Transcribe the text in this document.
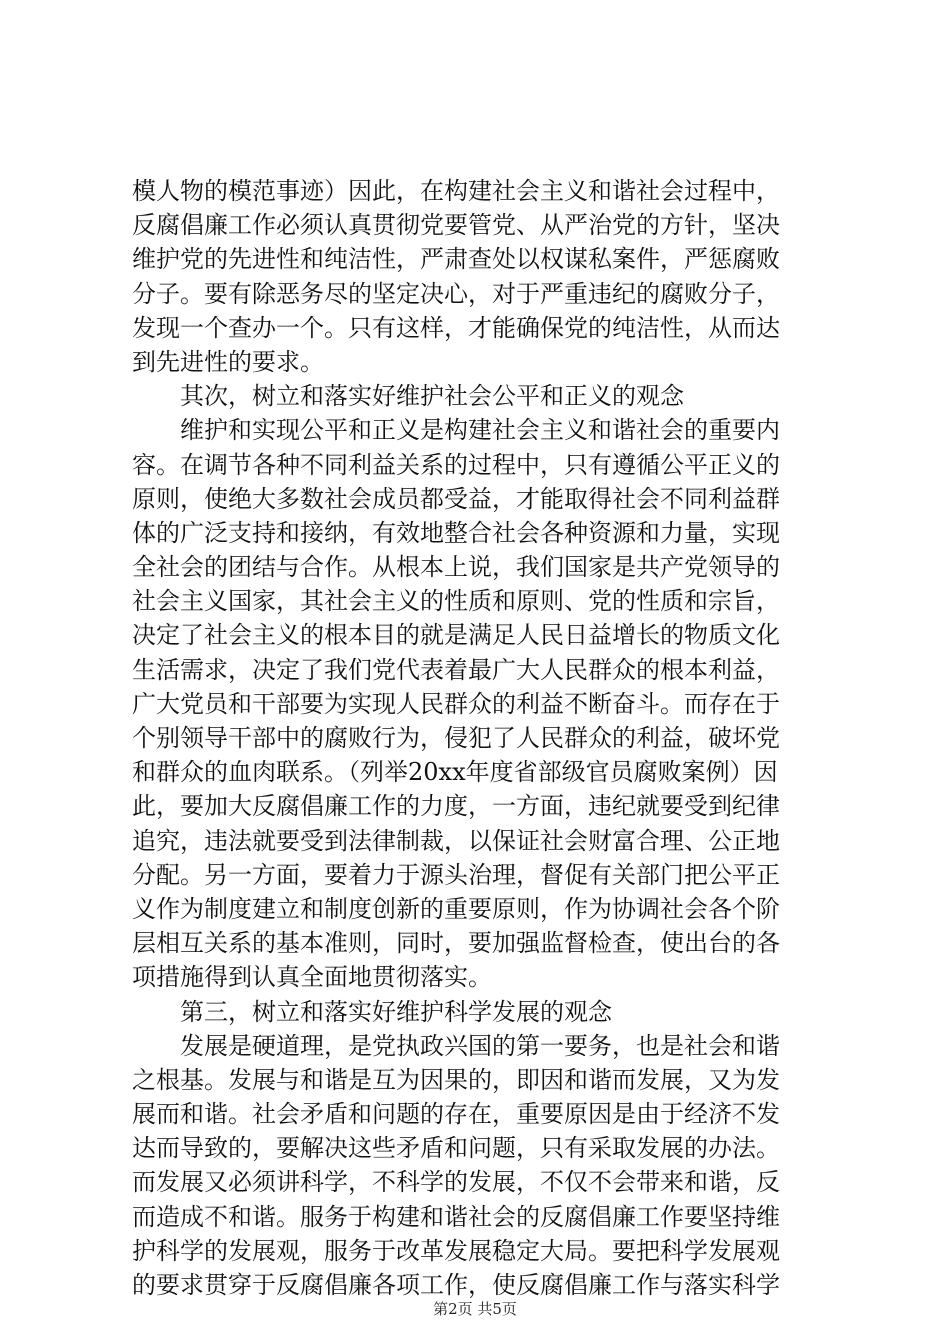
模人物的模范事迹）因此，在构建社会主义和谐社会过程中，
反腐倡廉工作必须认真贯彻党要管党、从严治党的方针，坚决
维护党的先进性和纯洁性，严肃查处以权谋私案件，严惩腐败
分子。要有除恶务尽的坚定决心，对于严重违纪的腐败分子，
发现一个查办一个。只有这样，才能确保党的纯洁性，从而达
到先进性的要求。
其次，树立和落实好维护社会公平和正义的观念
维护和实现公平和正义是构建社会主义和谐社会的重要内
容。在调节各种不同利益关系的过程中，只有遵循公平正义的
原则，使绝大多数社会成员都受益，才能取得社会不同利益群
体的广泛支持和接纳，有效地整合社会各种资源和力量，实现
全社会的团结与合作。从根本上说，我们国家是共产党领导的
社会主义国家，其社会主义的性质和原则、党的性质和宗旨，
决定了社会主义的根本目的就是满足人民日益增长的物质文化
生活需求，决定了我们党代表着最广大人民群众的根本利益，
广大党员和干部要为实现人民群众的利益不断奋斗。而存在于
个别领导干部中的腐败行为，侵犯了人民群众的利益，破坏党
和群众的血肉联系。（列举20xx年度省部级官员腐败案例）因
此，要加大反腐倡廉工作的力度，一方面，违纪就要受到纪律
追究，违法就要受到法律制裁，以保证社会财富合理、公正地
分配。另一方面，要着力于源头治理，督促有关部门把公平正
义作为制度建立和制度创新的重要原则，作为协调社会各个阶
层相互关系的基本准则，同时，要加强监督检查，使出台的各
项措施得到认真全面地贯彻落实。
第三，树立和落实好维护科学发展的观念
发展是硬道理，是党执政兴国的第一要务，也是社会和谐
之根基。发展与和谐是互为因果的，即因和谐而发展，又为发
展而和谐。社会矛盾和问题的存在，重要原因是由于经济不发
达而导致的，要解决这些矛盾和问题，只有采取发展的办法。
而发展又必须讲科学，不科学的发展，不仅不会带来和谐，反
而造成不和谐。服务于构建和谐社会的反腐倡廉工作要坚持维
护科学的发展观，服务于改革发展稳定大局。要把科学发展观
的要求贯穿于反腐倡廉各项工作，使反腐倡廉工作与落实科学
第2页 共5页
